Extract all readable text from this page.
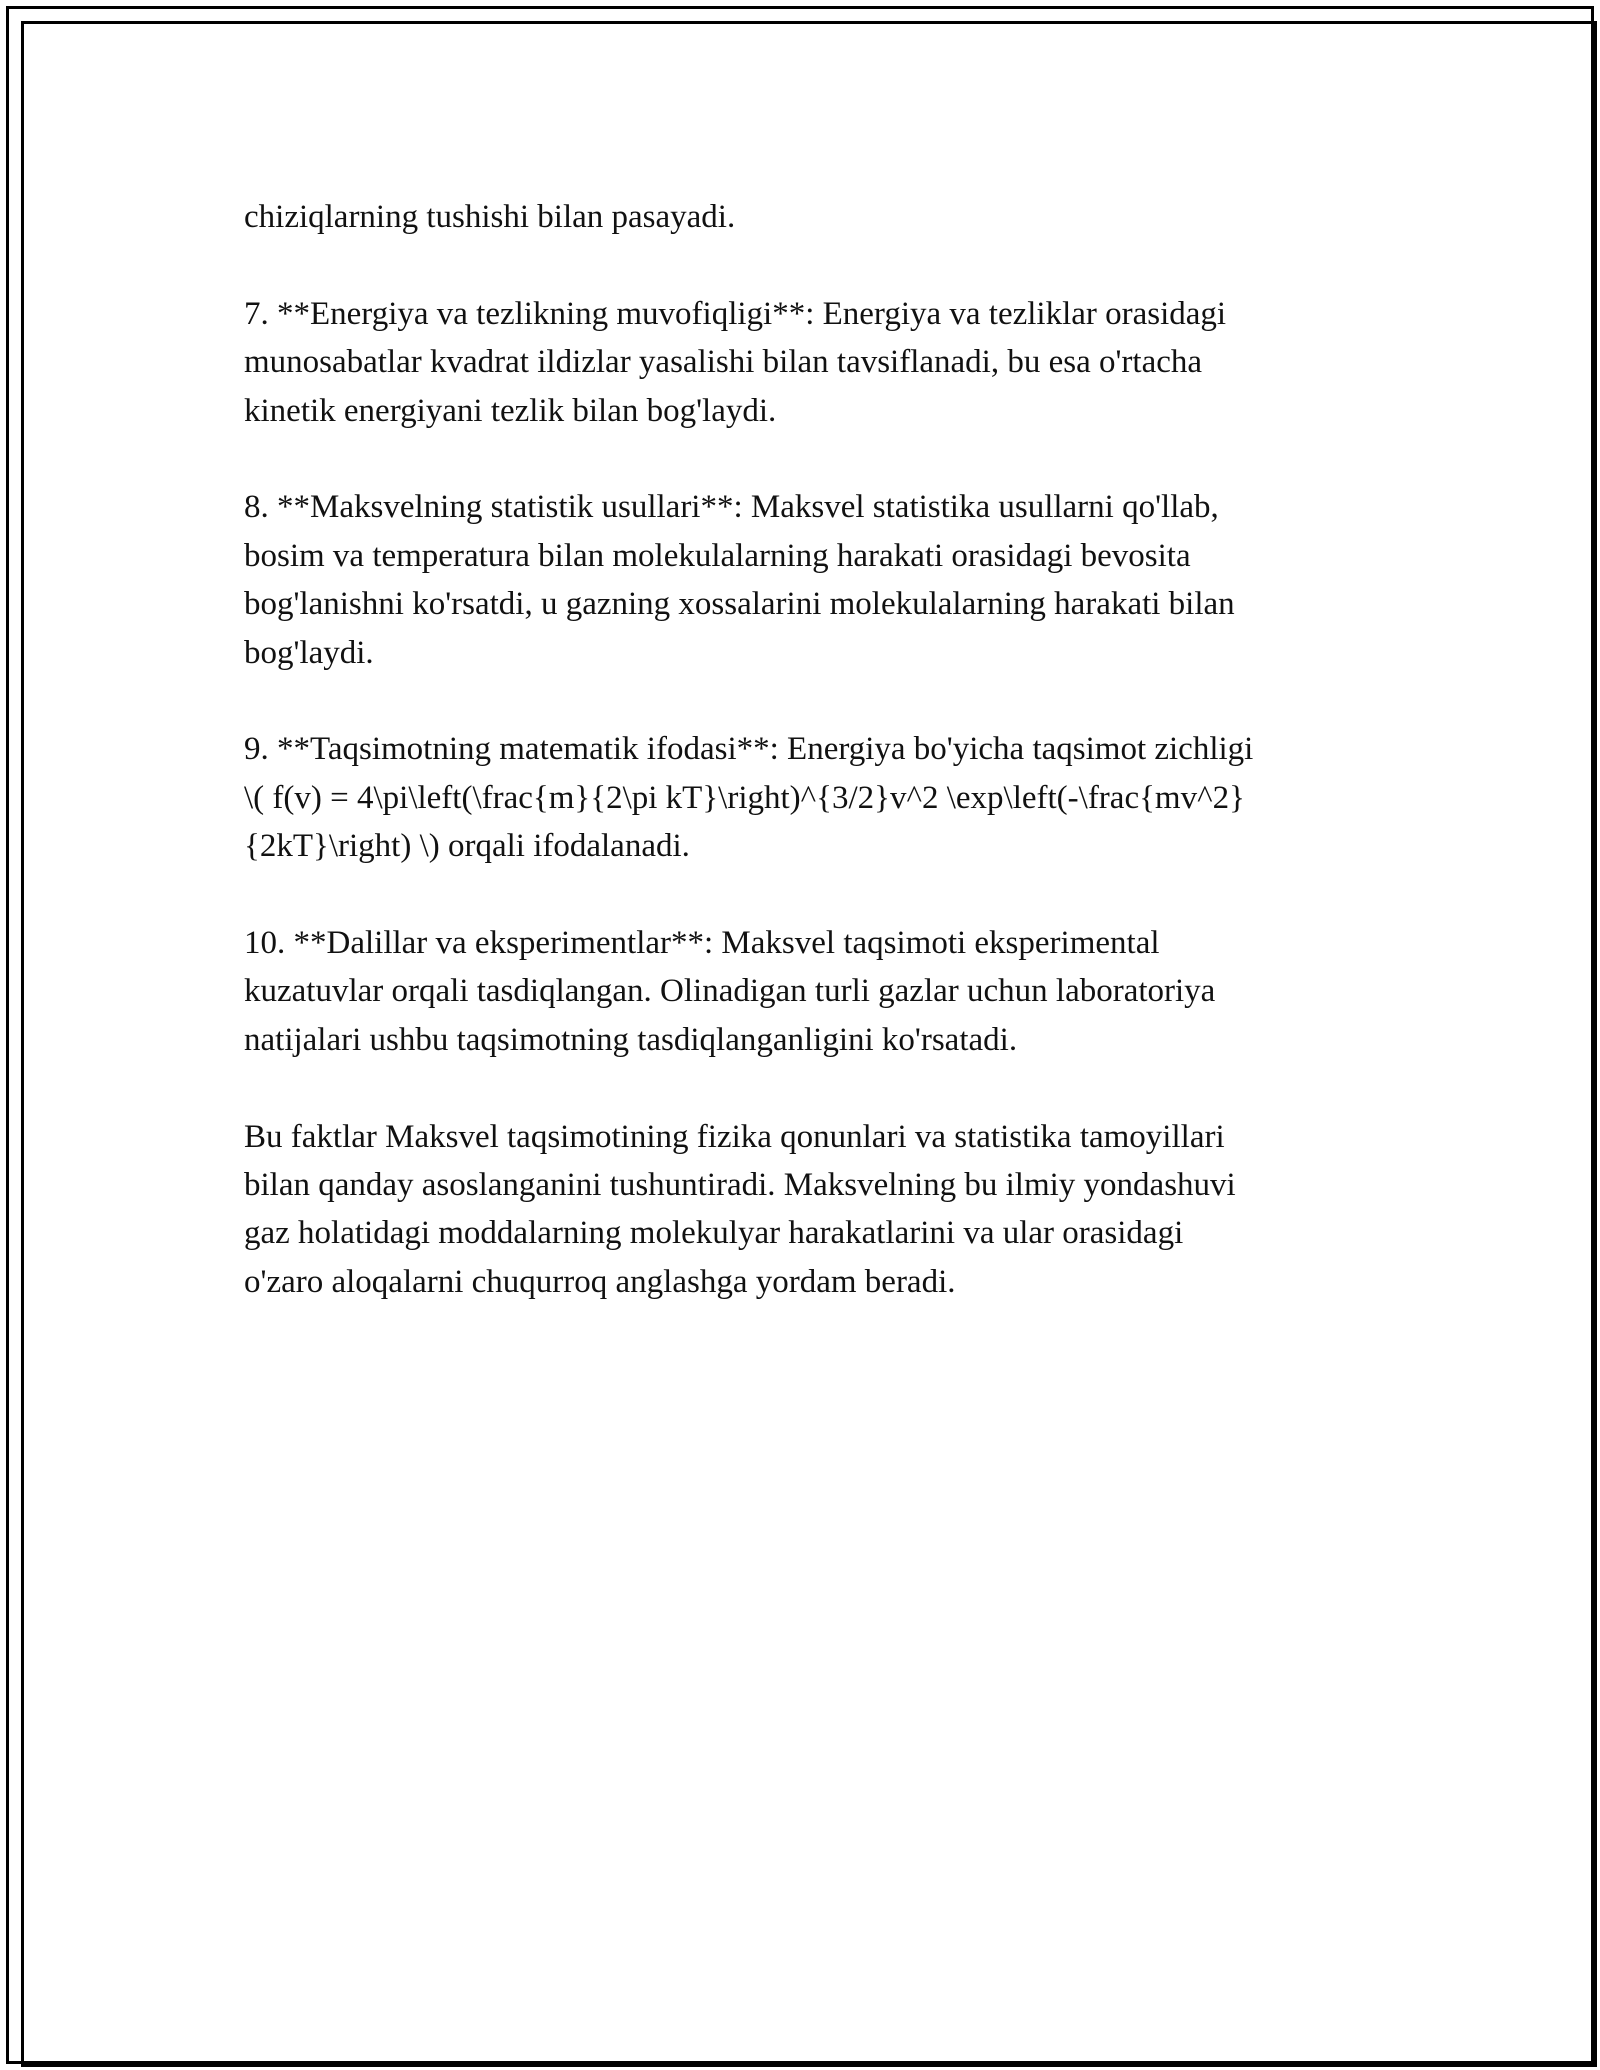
chiziqlarning tushishi bilan pasayadi.

7. **Energiya va tezlikning muvofiqligi**: Energiya va tezliklar orasidagi
munosabatlar kvadrat ildizlar yasalishi bilan tavsiflanadi, bu esa o'rtacha
kinetik energiyani tezlik bilan bog'laydi.

8. **Maksvelning statistik usullari**: Maksvel statistika usullarni qo'llab,
bosim va temperatura bilan molekulalarning harakati orasidagi bevosita
bog'lanishni ko'rsatdi, u gazning xossalarini molekulalarning harakati bilan
bog'laydi.

9. **Taqsimotning matematik ifodasi**: Energiya bo'yicha taqsimot zichligi
\( f(v) = 4\pi\left(\frac{m}{2\pi kT}\right)^{3/2}v^2 \exp\left(-\frac{mv^2}
{2kT}\right) \) orqali ifodalanadi.

10. **Dalillar va eksperimentlar**: Maksvel taqsimoti eksperimental
kuzatuvlar orqali tasdiqlangan. Olinadigan turli gazlar uchun laboratoriya
natijalari ushbu taqsimotning tasdiqlanganligini ko'rsatadi.

Bu faktlar Maksvel taqsimotining fizika qonunlari va statistika tamoyillari
bilan qanday asoslanganini tushuntiradi. Maksvelning bu ilmiy yondashuvi
gaz holatidagi moddalarning molekulyar harakatlarini va ular orasidagi
o'zaro aloqalarni chuqurroq anglashga yordam beradi.
